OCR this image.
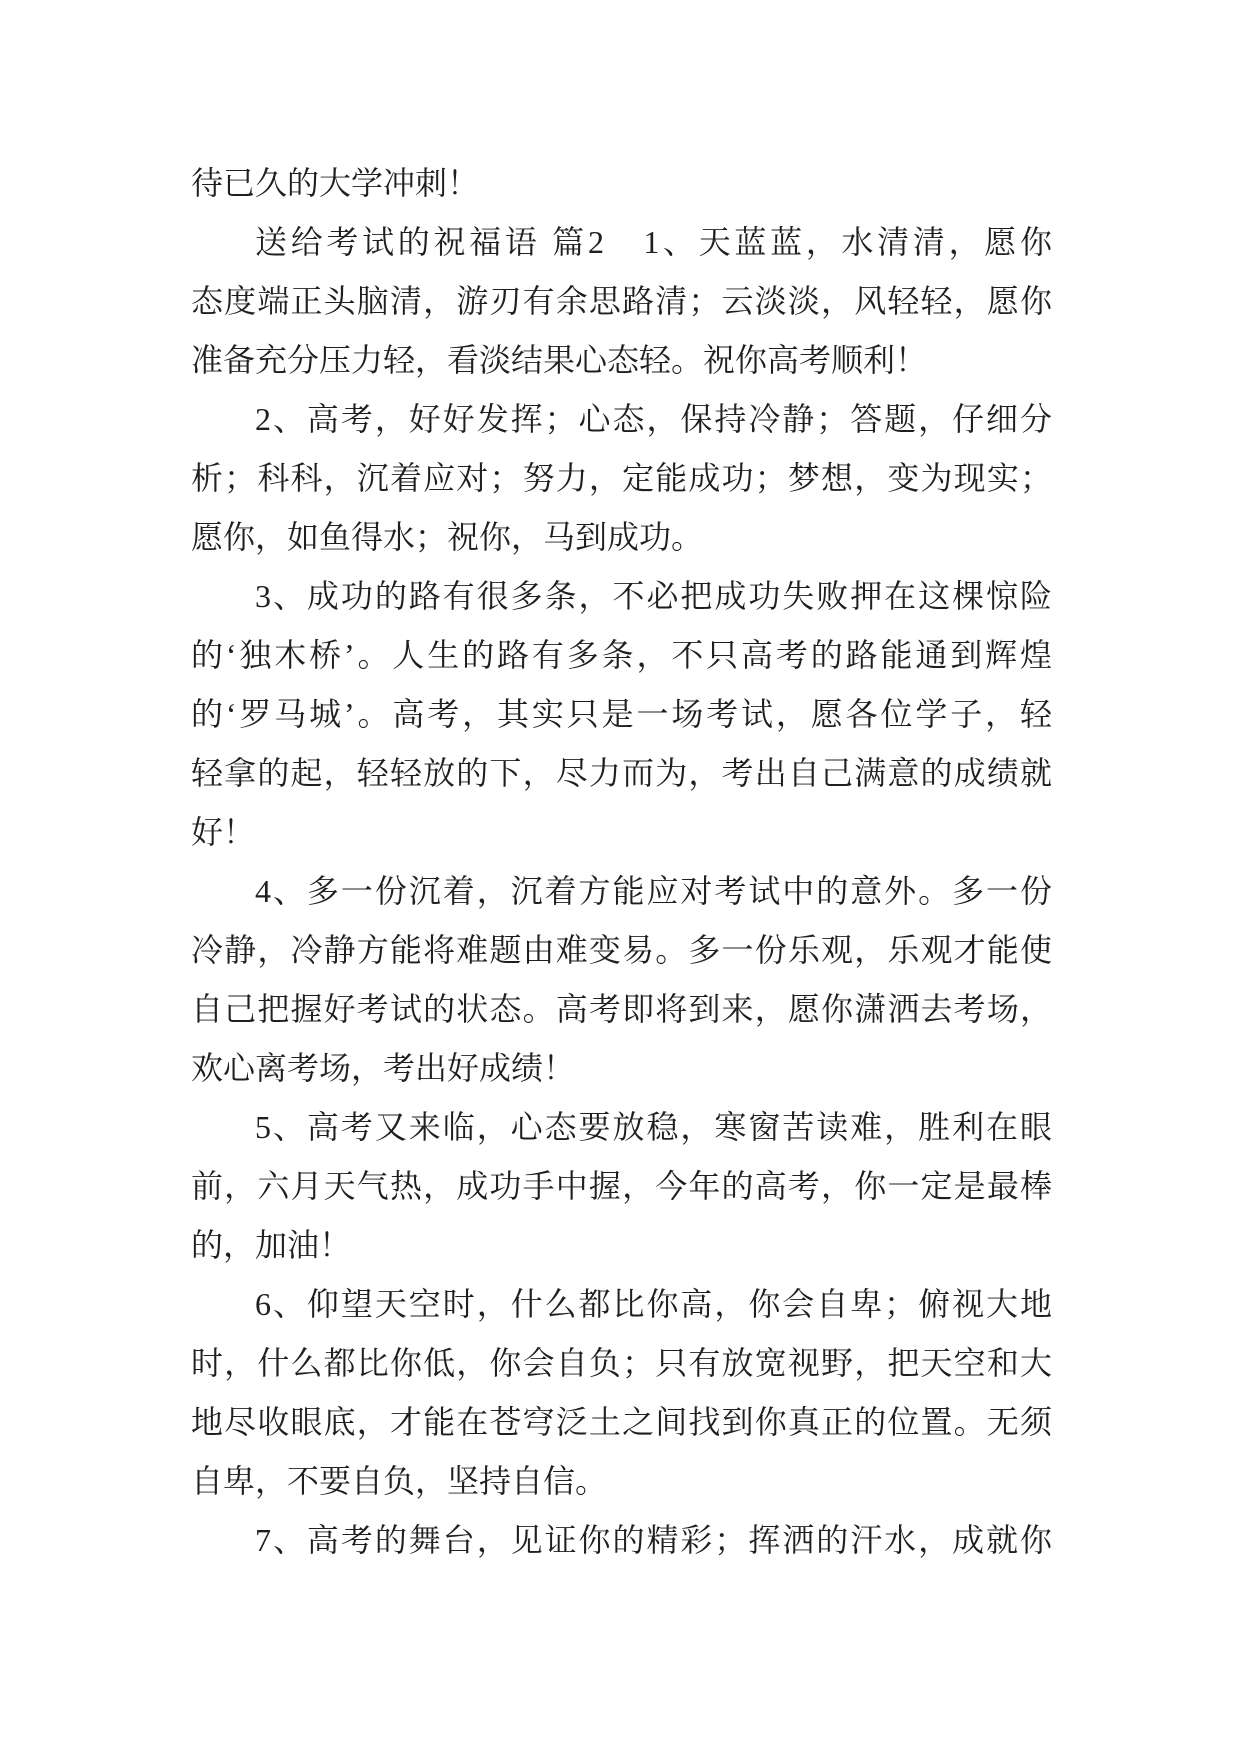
待已久的大学冲刺！
送给考试的祝福语 篇2　1、天蓝蓝，水清清，愿你
态度端正头脑清，游刃有余思路清；云淡淡，风轻轻，愿你
准备充分压力轻，看淡结果心态轻。祝你高考顺利！
2、高考，好好发挥；心态，保持冷静；答题，仔细分
析；科科，沉着应对；努力，定能成功；梦想，变为现实；
愿你，如鱼得水；祝你，马到成功。
3、成功的路有很多条，不必把成功失败押在这棵惊险
的‘独木桥’。人生的路有多条，不只高考的路能通到辉煌
的‘罗马城’。高考，其实只是一场考试，愿各位学子，轻
轻拿的起，轻轻放的下，尽力而为，考出自己满意的成绩就
好！
4、多一份沉着，沉着方能应对考试中的意外。多一份
冷静，冷静方能将难题由难变易。多一份乐观，乐观才能使
自己把握好考试的状态。高考即将到来，愿你潇洒去考场，
欢心离考场，考出好成绩！
5、高考又来临，心态要放稳，寒窗苦读难，胜利在眼
前，六月天气热，成功手中握，今年的高考，你一定是最棒
的，加油！
6、仰望天空时，什么都比你高，你会自卑；俯视大地
时，什么都比你低，你会自负；只有放宽视野，把天空和大
地尽收眼底，才能在苍穹泛土之间找到你真正的位置。无须
自卑，不要自负，坚持自信。
7、高考的舞台，见证你的精彩；挥洒的汗水，成就你
